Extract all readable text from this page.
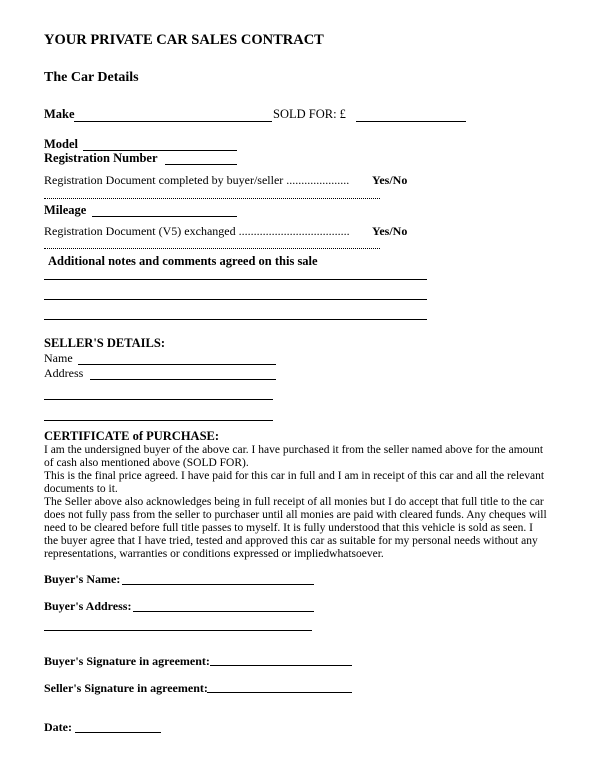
YOUR PRIVATE CAR SALES CONTRACT
The Car Details
Make	SOLD FOR: £
Model
Registration Number
Registration Document completed by buyer/seller ..................... Yes/No
Mileage
Registration Document (V5) exchanged ..................................... Yes/No
Additional notes and comments agreed on this sale
SELLER'S DETAILS:
Name
Address
CERTIFICATE of PURCHASE:

I am the undersigned buyer of the above car. I have purchased it from the seller named above for the amount

of cash also mentioned above (SOLD FOR).

This is the final price agreed. I have paid for this car in full and I am in receipt of this car and all the relevant

documents to it.

The Seller above also acknowledges being in full receipt of all monies but I do accept that full title to the car

does not fully pass from the seller to purchaser until all monies are paid with cleared funds. Any cheques will

need to be cleared before full title passes to myself. It is fully understood that this vehicle is sold as seen. I

the buyer agree that I have tried, tested and approved this car as suitable for my personal needs without any

representations, warranties or conditions expressed or impliedwhatsoever.

Buyer's Name:
Buyer's Address:
Buyer's Signature in agreement:
Seller's Signature in agreement:
Date:
